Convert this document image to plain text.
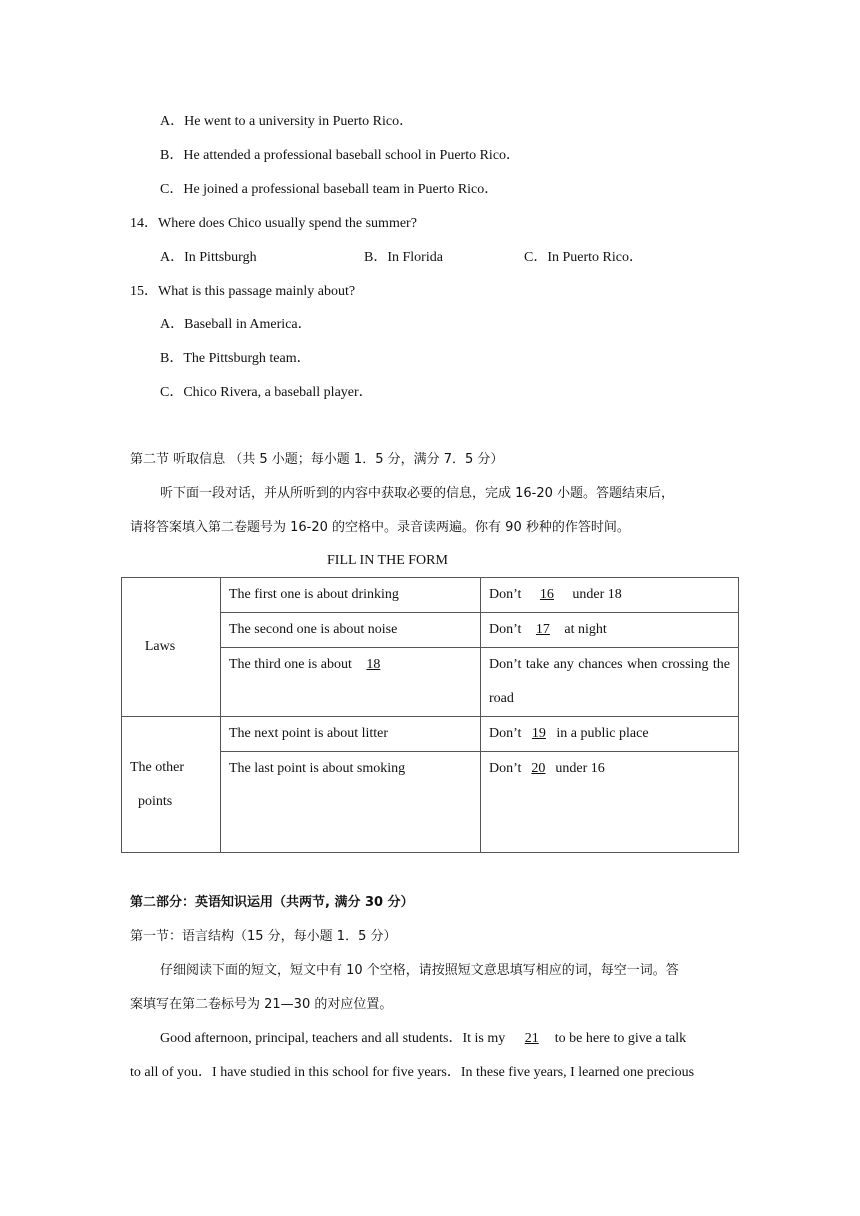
A．He went to a university in Puerto Rico．
B．He attended a professional baseball school in Puerto Rico．
C．He joined a professional baseball team in Puerto Rico．
14．Where does Chico usually spend the summer?
A．In Pittsburgh	B．In Florida	C．In Puerto Rico．
15．What is this passage mainly about?
A．Baseball in America．
B．The Pittsburgh team．
C．Chico Rivera, a baseball player．
第二节 听取信息 （共 5 小题；每小题 1．5 分，满分 7．5 分）
听下面一段对话，并从所听到的内容中获取必要的信息，完成 16-20 小题。答题结束后，
请将答案填入第二卷题号为 16-20 的空格中。录音读两遍。你有 90 秒种的作答时间。
FILL IN THE FORM
Laws	The first one is about drinking	Don’t 16 under 18
	The second one is about noise	Don’t 17 at night
	The third one is about 18	Don’t take any chances when crossing the road

The other
points	The next point is about litter	Don’t 19 in a public place
	The last point is about smoking	Don’t 20 under 16
第二部分：英语知识运用（共两节, 满分 30 分）
第一节：语言结构（15 分，每小题 1．5 分）
仔细阅读下面的短文，短文中有 10 个空格，请按照短文意思填写相应的词，每空一词。答
案填写在第二卷标号为 21—30 的对应位置。
Good afternoon, principal, teachers and all students．It is my 21 to be here to give a talk
to all of you．I have studied in this school for five years．In these five years, I learned one precious
